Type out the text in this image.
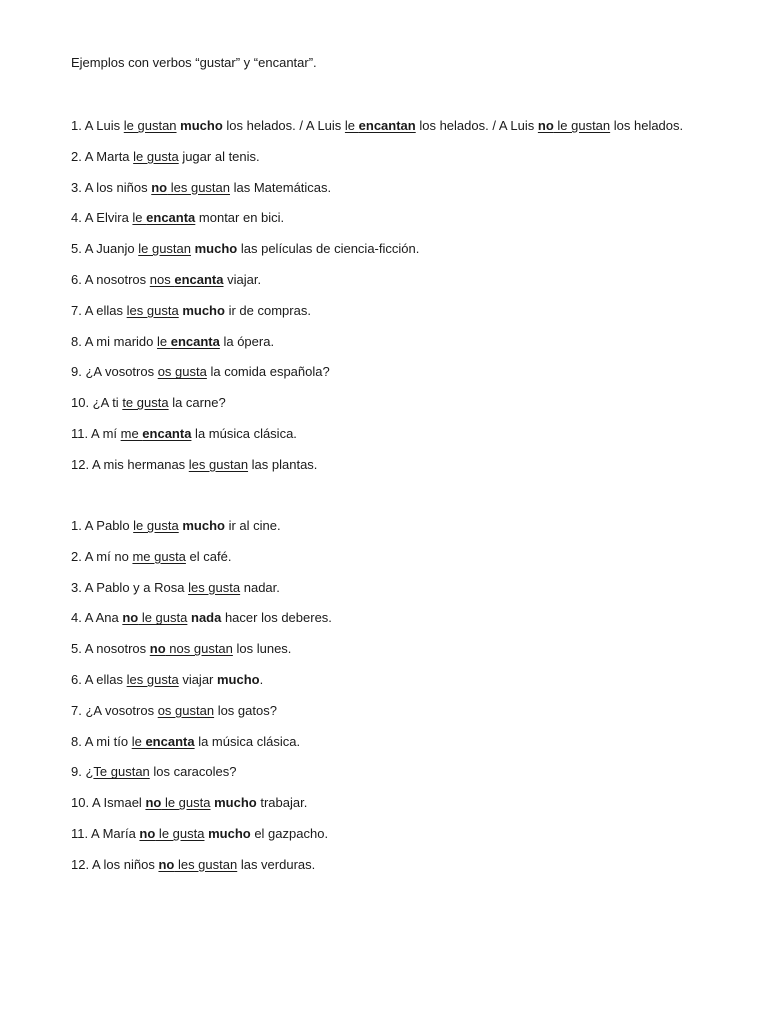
Ejemplos con verbos “gustar” y “encantar”.
1. A Luis le gustan mucho los helados. / A Luis le encantan los helados. / A Luis no le gustan los helados.
2. A Marta le gusta jugar al tenis.
3. A los niños no les gustan las Matemáticas.
4. A Elvira le encanta montar en bici.
5. A Juanjo le gustan mucho las películas de ciencia-ficción.
6. A nosotros nos encanta viajar.
7. A ellas les gusta mucho ir de compras.
8. A mi marido le encanta la ópera.
9. ¿A vosotros os gusta la comida española?
10. ¿A ti te gusta la carne?
11. A mí me encanta la música clásica.
12. A mis hermanas les gustan las plantas.
1. A Pablo le gusta mucho ir al cine.
2. A mí no me gusta el café.
3. A Pablo y a Rosa les gusta nadar.
4. A Ana no le gusta nada hacer los deberes.
5. A nosotros no nos gustan los lunes.
6. A ellas les gusta viajar mucho.
7. ¿A vosotros os gustan los gatos?
8. A mi tío le encanta la música clásica.
9. ¿Te gustan los caracoles?
10. A Ismael no le gusta mucho trabajar.
11. A María no le gusta mucho el gazpacho.
12. A los niños no les gustan las verduras.
